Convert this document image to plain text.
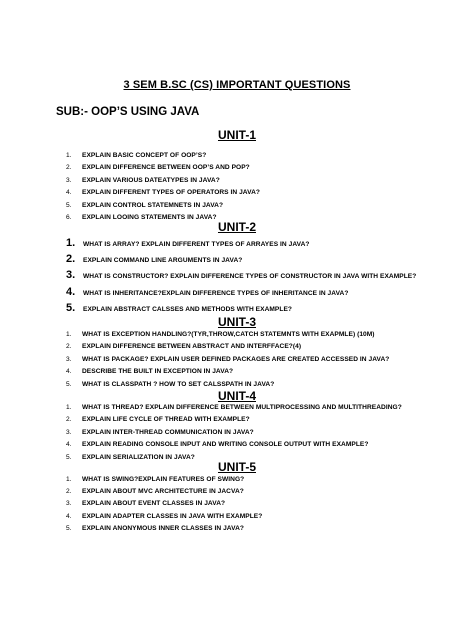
3 SEM B.SC (CS) IMPORTANT QUESTIONS
SUB:- OOP’S USING JAVA
UNIT-1
1.	EXPLAIN BASIC CONCEPT OF OOP’S?
2.	EXPLAIN DIFFERENCE BETWEEN OOP’S AND POP?
3.	EXPLAIN VARIOUS DATEATYPES IN JAVA?
4.	EXPLAIN DIFFERENT TYPES OF OPERATORS IN JAVA?
5.	EXPLAIN CONTROL STATEMNETS IN JAVA?
6.	EXPLAIN LOOING STATEMENTS IN JAVA?
UNIT-2
1.	WHAT IS ARRAY? EXPLAIN DIFFERENT TYPES OF ARRAYES IN JAVA?
2.	EXPLAIN COMMAND LINE ARGUMENTS IN JAVA?
3.	WHAT IS CONSTRUCTOR? EXPLAIN DIFFERENCE TYPES OF CONSTRUCTOR IN JAVA WITH EXAMPLE?
4.	WHAT IS INHERITANCE?EXPLAIN DIFFERENCE TYPES OF INHERITANCE IN JAVA?
5.	EXPLAIN ABSTRACT CALSSES AND METHODS WITH EXAMPLE?
UNIT-3
1.	WHAT IS EXCEPTION HANDLING?(TYR,THROW,CATCH STATEMNTS WITH EXAPMLE) (10M)
2.	EXPLAIN DIFFERENCE BETWEEN ABSTRACT AND INTERFFACE?(4)
3.	WHAT IS PACKAGE? EXPLAIN USER DEFINED PACKAGES ARE CREATED ACCESSED IN JAVA?
4.	DESCRIBE THE BUILT IN EXCEPTION IN JAVA?
5.	WHAT IS CLASSPATH ? HOW TO SET CALSSPATH IN JAVA?
UNIT-4
1.	WHAT IS THREAD? EXPLAIN DIFFERENCE BETWEEN MULTIPROCESSING AND MULTITHREADING?
2.	EXPLAIN LIFE CYCLE OF THREAD WITH EXAMPLE?
3.	EXPLAIN INTER-THREAD COMMUNICATION IN JAVA?
4.	EXPLAIN READING CONSOLE INPUT AND WRITING CONSOLE OUTPUT WITH EXAMPLE?
5.	EXPLAIN SERIALIZATION IN JAVA?
UNIT-5
1.	WHAT IS SWING?EXPLAIN FEATURES OF SWING?
2.	EXPLAIN ABOUT MVC ARCHITECTURE IN JACVA?
3.	EXPLAIN ABOUT EVENT CLASSES IN JAVA?
4.	EXPLAIN ADAPTER CLASSES IN JAVA WITH EXAMPLE?
5.	EXPLAIN ANONYMOUS INNER CLASSES IN JAVA?
